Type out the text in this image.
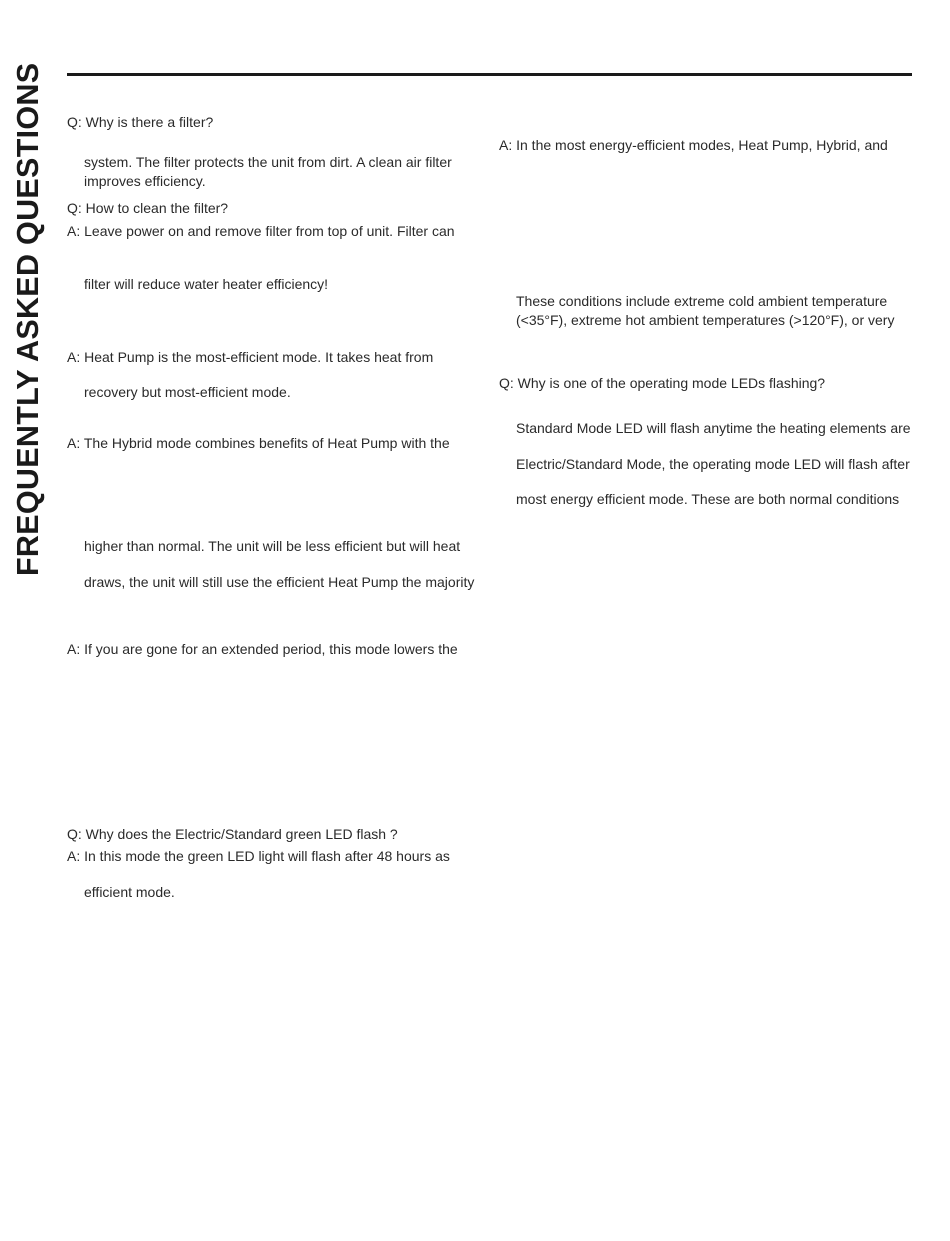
FREQUENTLY ASKED QUESTIONS Q: Why is there a filter?
system. The filter protects the unit from dirt. A clean air filter
improves efficiency.
Q: How to clean the filter?
A: Leave power on and remove filter from top of unit. Filter can
filter will reduce water heater efficiency!
A: Heat Pump is the most-efficient mode. It takes heat from
recovery but most-efficient mode.
A: The Hybrid mode combines benefits of Heat Pump with the
higher than normal. The unit will be less efficient but will heat
draws, the unit will still use the efficient Heat Pump the majority
A: If you are gone for an extended period, this mode lowers the
Q: Why does the Electric/Standard green LED flash ?
A: In this mode the green LED light will flash after 48 hours as
efficient mode.
A: In the most energy-efficient modes, Heat Pump, Hybrid, and
These conditions include extreme cold ambient temperature
(<35°F), extreme hot ambient temperatures (>120°F), or very
Q: Why is one of the operating mode LEDs flashing?
Standard Mode LED will flash anytime the heating elements are
Electric/Standard Mode, the operating mode LED will flash after
most energy efficient mode. These are both normal conditions
